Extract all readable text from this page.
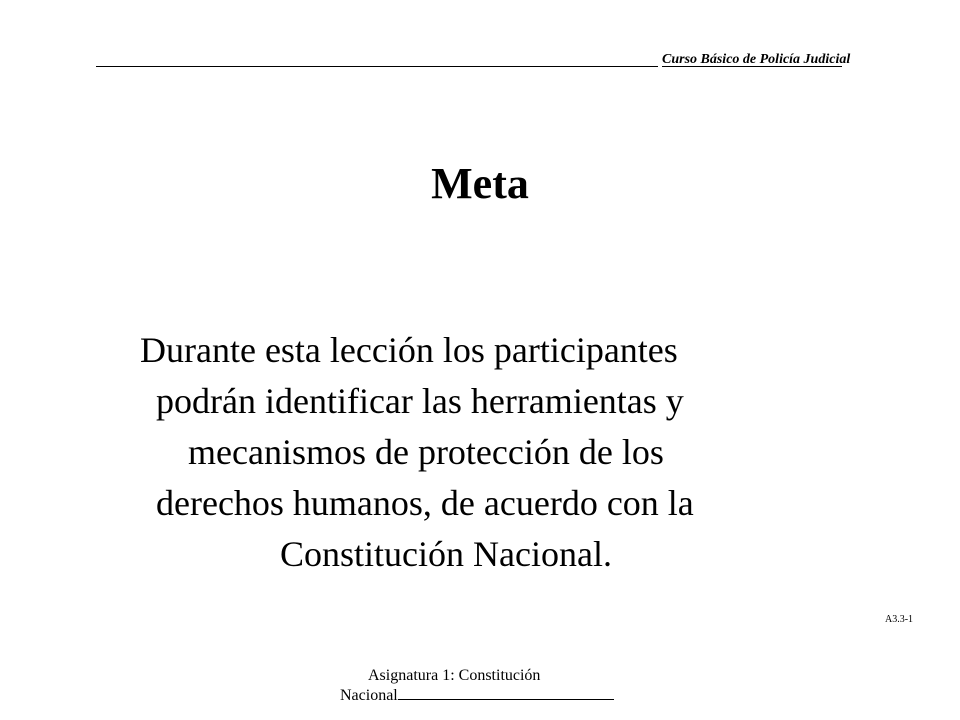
Curso Básico de Policía Judicial
Meta

Durante esta lección los participantes
podrán identificar las herramientas y
mecanismos de protección de los
derechos humanos, de acuerdo con la
Constitución Nacional.

A3.3-1
Asignatura 1: Constitución
Nacional
